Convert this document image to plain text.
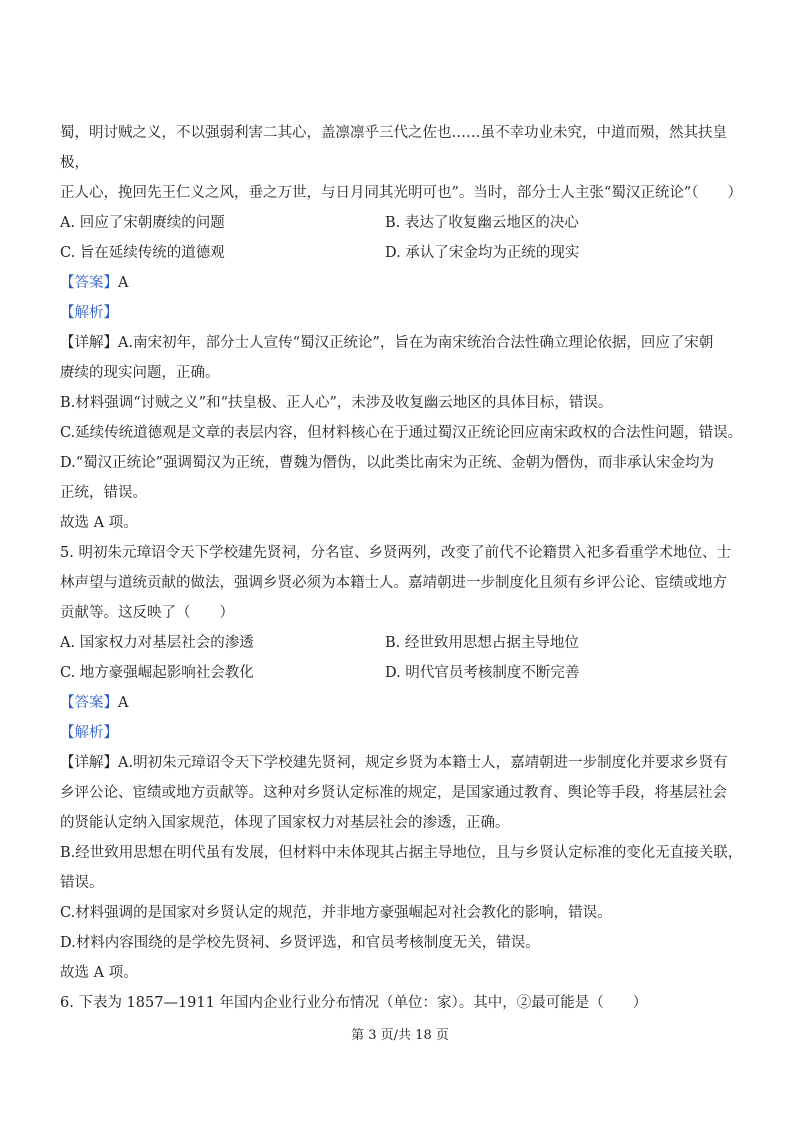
蜀，明讨贼之义，不以强弱利害二其心，盖凛凛乎三代之佐也……虽不幸功业未究，中道而殒，然其扶皇极，

正人心，挽回先王仁义之风，垂之万世，与日月同其光明可也”。当时，部分士人主张“蜀汉正统论”（　　）

A. 回应了宋朝赓续的问题	B. 表达了收复幽云地区的决心

C. 旨在延续传统的道德观	D. 承认了宋金均为正统的现实

【答案】A

【解析】

【详解】A.南宋初年，部分士人宣传“蜀汉正统论”，旨在为南宋统治合法性确立理论依据，回应了宋朝

赓续的现实问题，正确。

B.材料强调“讨贼之义”和“扶皇极、正人心”，未涉及收复幽云地区的具体目标，错误。

C.延续传统道德观是文章的表层内容，但材料核心在于通过蜀汉正统论回应南宋政权的合法性问题，错误。

D.“蜀汉正统论”强调蜀汉为正统，曹魏为僭伪，以此类比南宋为正统、金朝为僭伪，而非承认宋金均为

正统，错误。

故选 A 项。

5. 明初朱元璋诏令天下学校建先贤祠，分名宦、乡贤两列，改变了前代不论籍贯入祀多看重学术地位、士

林声望与道统贡献的做法，强调乡贤必须为本籍士人。嘉靖朝进一步制度化且须有乡评公论、宦绩或地方

贡献等。这反映了（　　）

A. 国家权力对基层社会的渗透	B. 经世致用思想占据主导地位

C. 地方豪强崛起影响社会教化	D. 明代官员考核制度不断完善

【答案】A

【解析】

【详解】A.明初朱元璋诏令天下学校建先贤祠，规定乡贤为本籍士人，嘉靖朝进一步制度化并要求乡贤有

乡评公论、宦绩或地方贡献等。这种对乡贤认定标准的规定，是国家通过教育、舆论等手段，将基层社会

的贤能认定纳入国家规范，体现了国家权力对基层社会的渗透，正确。

B.经世致用思想在明代虽有发展，但材料中未体现其占据主导地位，且与乡贤认定标准的变化无直接关联，

错误。

C.材料强调的是国家对乡贤认定的规范，并非地方豪强崛起对社会教化的影响，错误。

D.材料内容围绕的是学校先贤祠、乡贤评选，和官员考核制度无关，错误。

故选 A 项。

6. 下表为 1857—1911 年国内企业行业分布情况（单位：家）。其中，②最可能是（　　）

第 3 页/共 18 页
